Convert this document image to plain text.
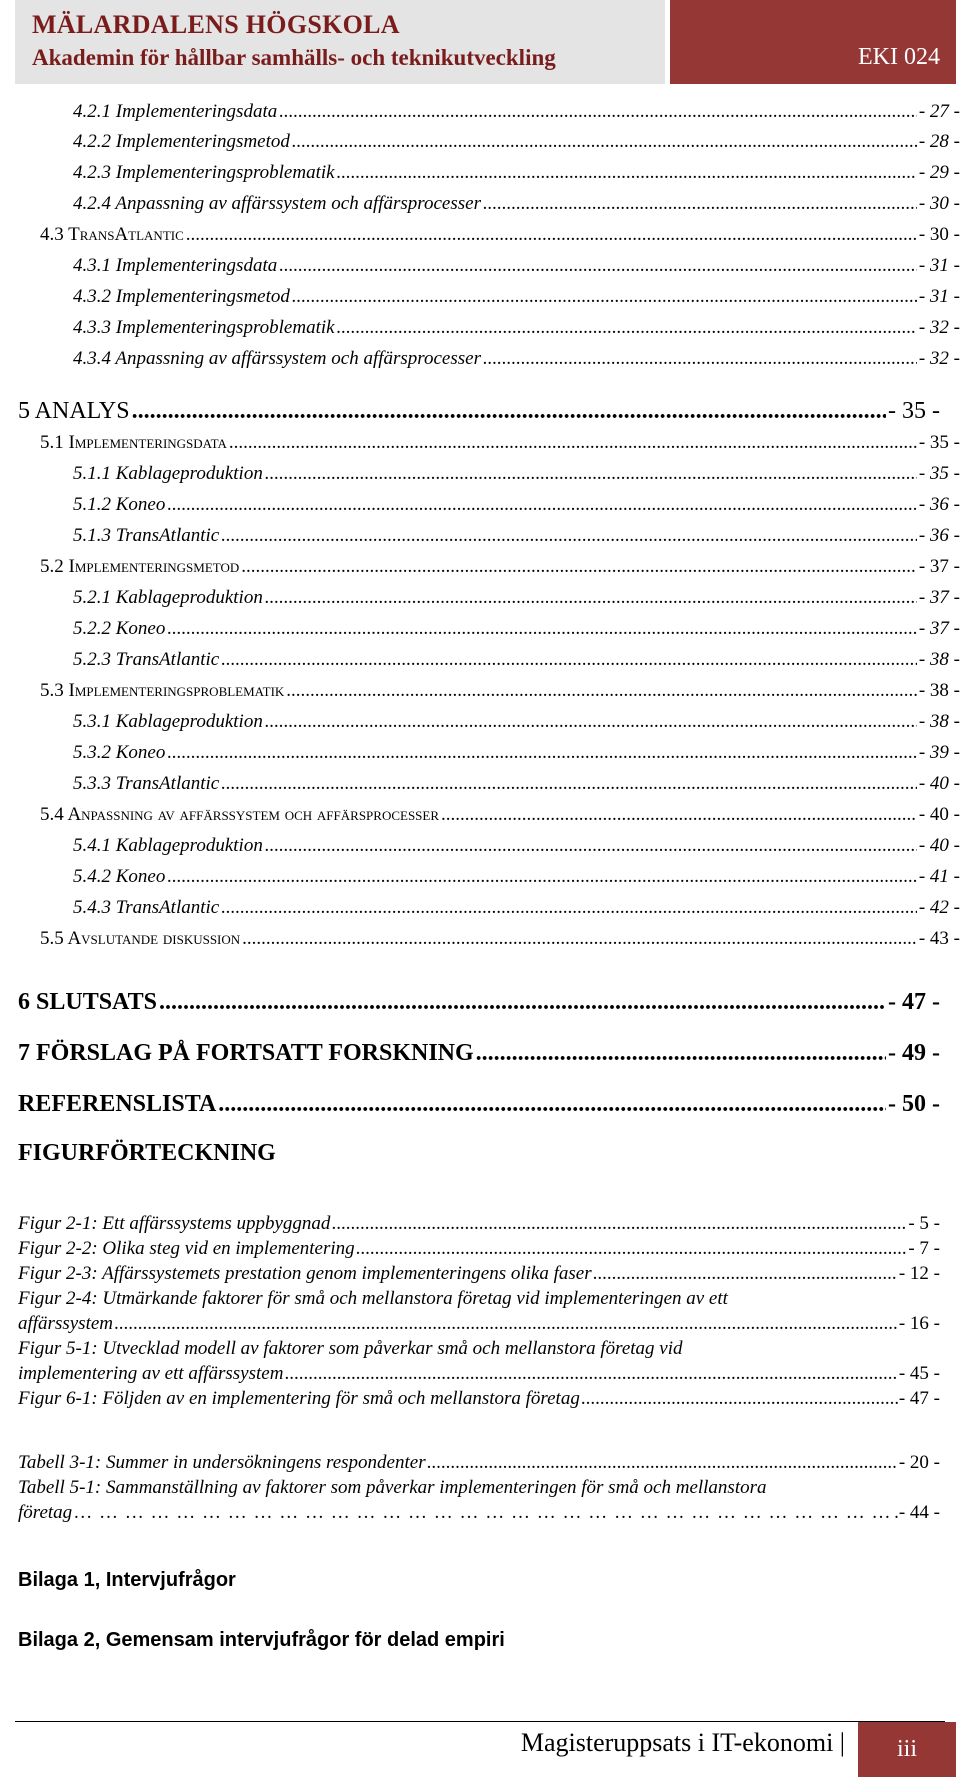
MÄLARDALENS HÖGSKOLA
Akademin för hållbar samhälls- och teknikutveckling	EKI 024
4.2.1 Implementeringsdata .....	- 27 -
4.2.2 Implementeringsmetod .....	- 28 -
4.2.3 Implementeringsproblematik .....	- 29 -
4.2.4 Anpassning av affärssystem och affärsprocesser .....	- 30 -
4.3 TransAtlantic .....	- 30 -
4.3.1 Implementeringsdata .....	- 31 -
4.3.2 Implementeringsmetod .....	- 31 -
4.3.3 Implementeringsproblematik .....	- 32 -
4.3.4 Anpassning av affärssystem och affärsprocesser .....	- 32 -
5 ANALYS .....	- 35 -
5.1 Implementeringsdata .....	- 35 -
5.1.1 Kablageproduktion .....	- 35 -
5.1.2 Koneo .....	- 36 -
5.1.3 TransAtlantic .....	- 36 -
5.2 Implementeringsmetod .....	- 37 -
5.2.1 Kablageproduktion .....	- 37 -
5.2.2 Koneo .....	- 37 -
5.2.3 TransAtlantic .....	- 38 -
5.3 Implementeringsproblematik .....	- 38 -
5.3.1 Kablageproduktion .....	- 38 -
5.3.2 Koneo .....	- 39 -
5.3.3 TransAtlantic .....	- 40 -
5.4 Anpassning av affärssystem och affärsprocesser .....	- 40 -
5.4.1 Kablageproduktion .....	- 40 -
5.4.2 Koneo .....	- 41 -
5.4.3 TransAtlantic .....	- 42 -
5.5 Avslutande diskussion .....	- 43 -
6 SLUTSATS .....	- 47 -
7 FÖRSLAG PÅ FORTSATT FORSKNING .....	- 49 -
REFERENSLISTA .....	- 50 -
FIGURFÖRTECKNING
Figur 2-1: Ett affärssystems uppbyggnad .....	- 5 -
Figur 2-2: Olika steg vid en implementering .....	- 7 -
Figur 2-3: Affärssystemets prestation genom implementeringens olika faser .....	- 12 -
Figur 2-4: Utmärkande faktorer för små och mellanstora företag vid implementeringen av ett
affärssystem .....	- 16 -
Figur 5-1: Utvecklad modell av faktorer som påverkar små och mellanstora företag vid
implementering av ett affärssystem .....	- 45 -
Figur 6-1: Följden av en implementering för små och mellanstora företag .....	- 47 -
Tabell 3-1: Summer in undersökningens respondenter .....	- 20 -
Tabell 5-1: Sammanställning av faktorer som påverkar implementeringen för små och mellanstora
företag … … … … … … … … … … … … … … … … … … … … … … … … … … … … … … … … … … … … … … … … … … … … … … … … … … … … … … … … … … … …	.- 44 -
Bilaga 1, Intervjufrågor
Bilaga 2, Gemensam intervjufrågor för delad empiri
Magisteruppsats i IT-ekonomi | iii
